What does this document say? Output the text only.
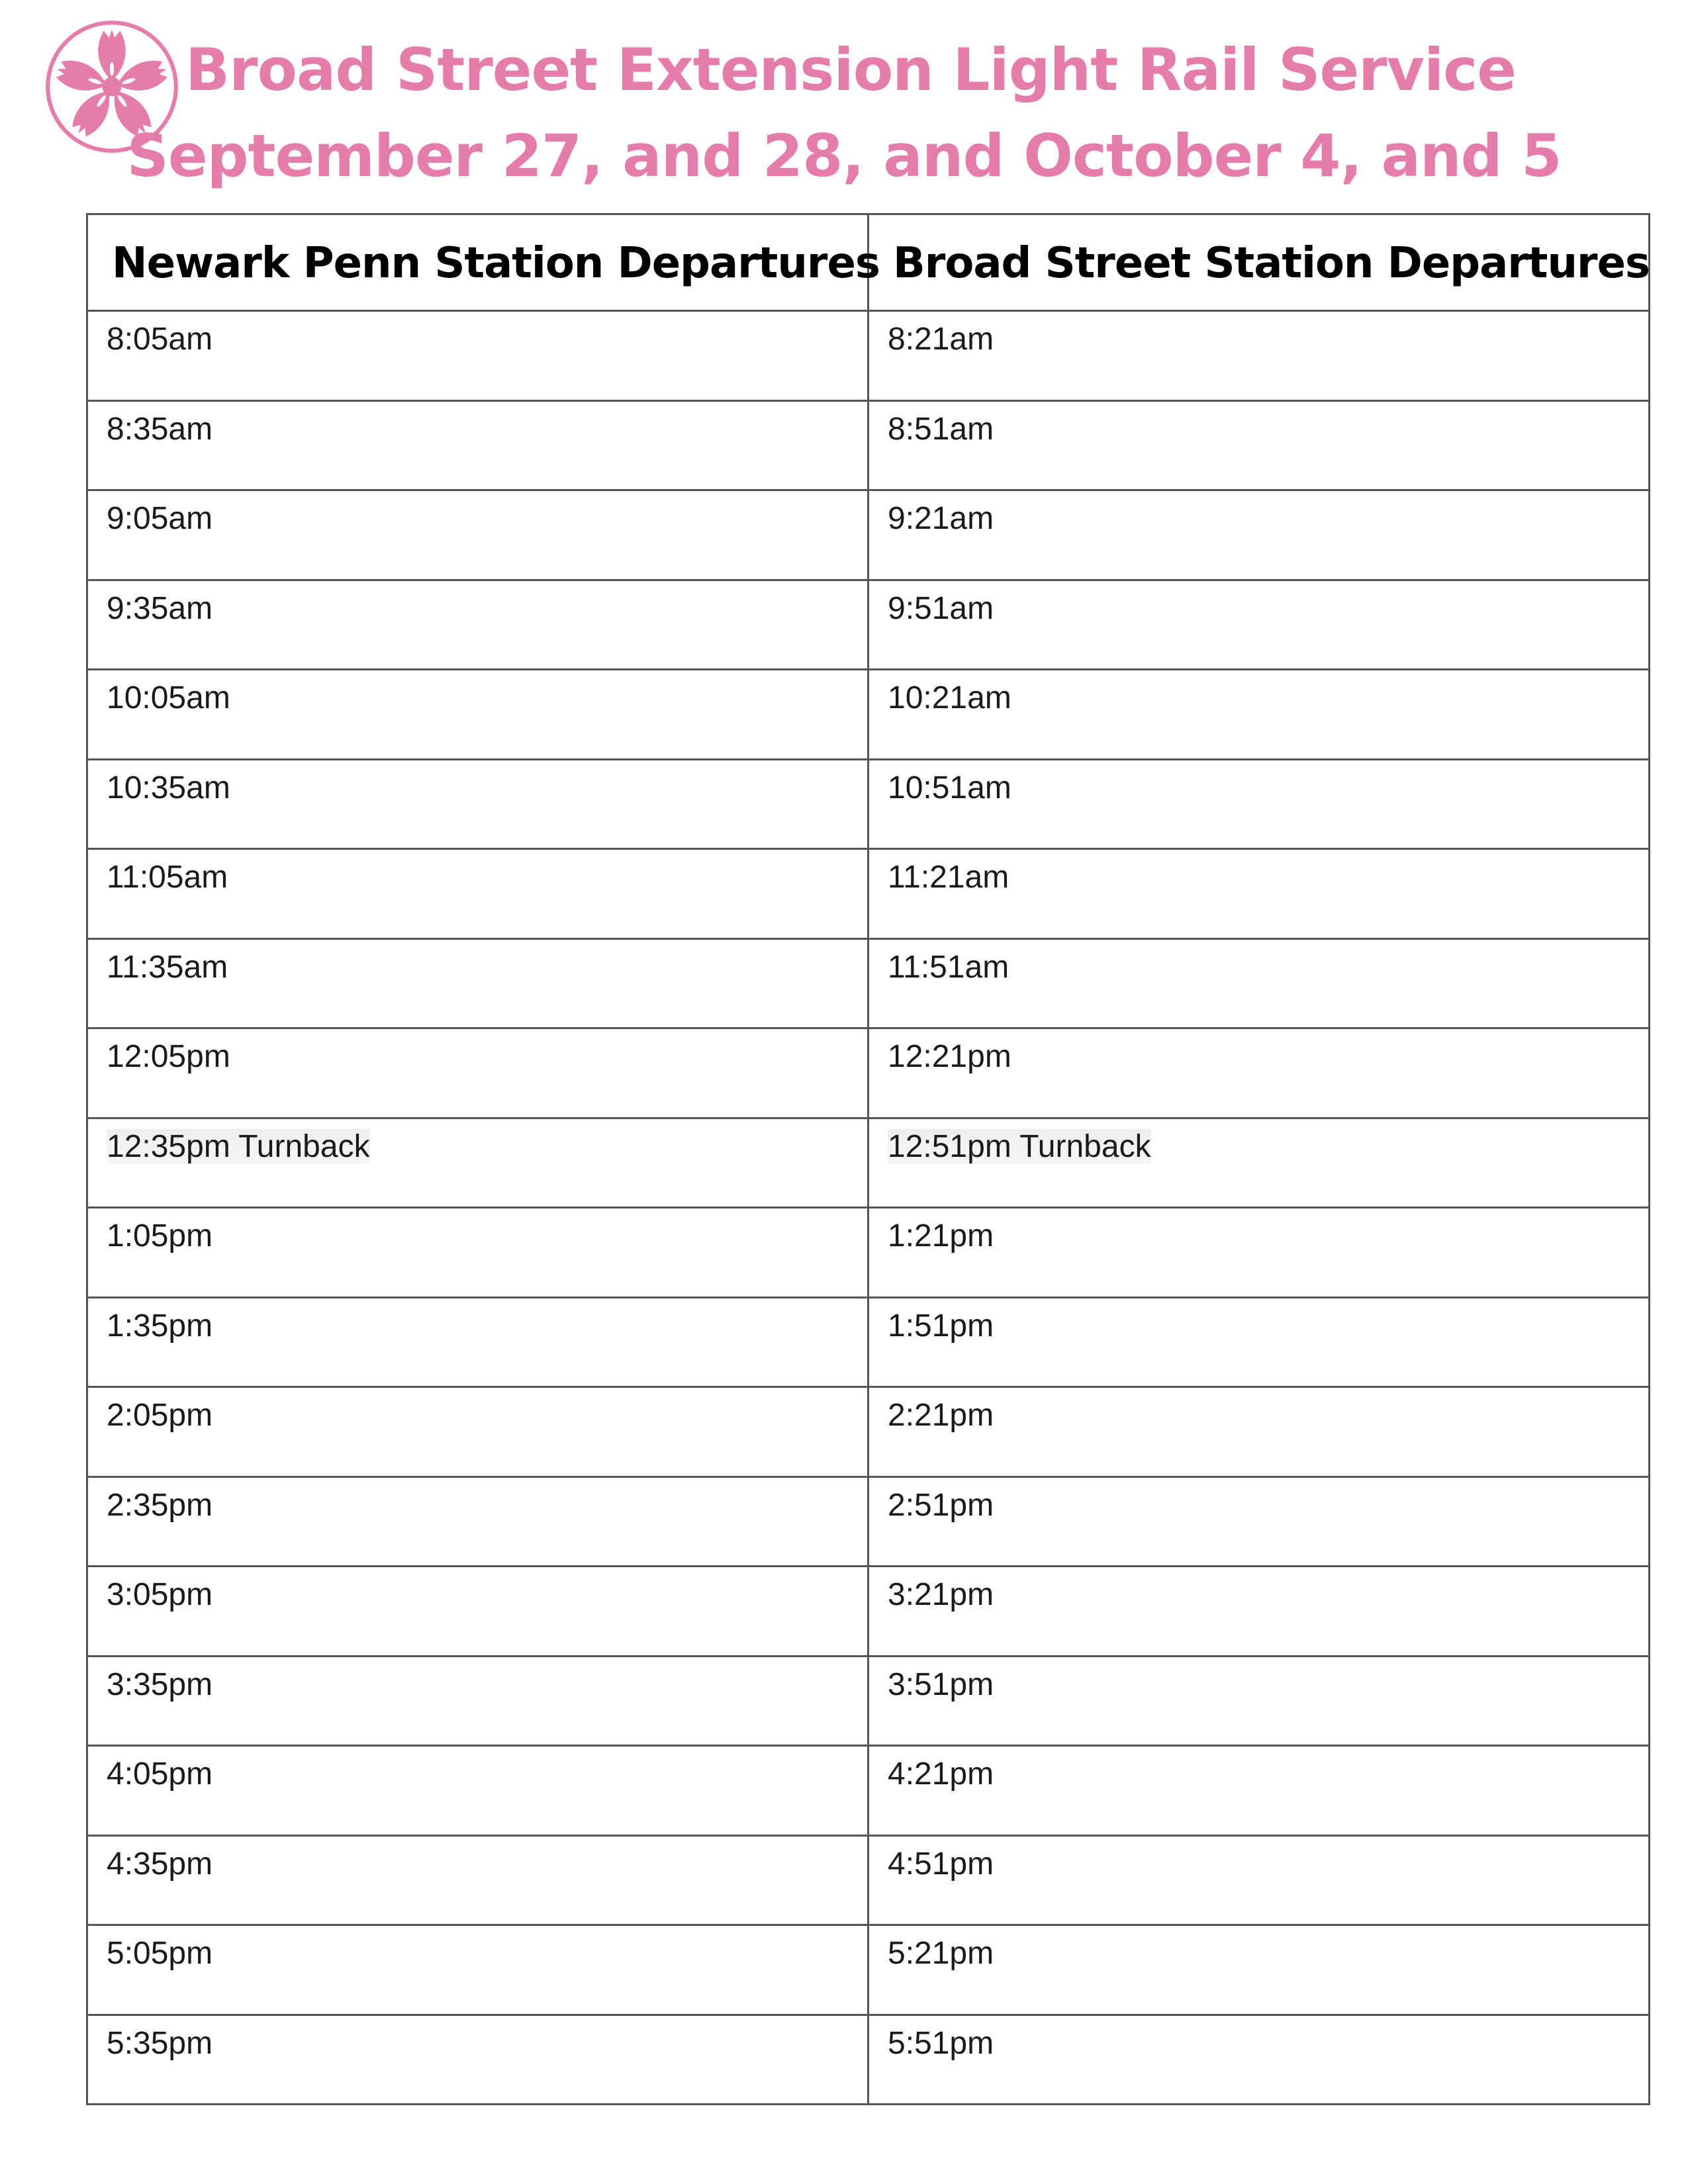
Broad Street Extension Light Rail Service
September 27, and 28, and October 4, and 5
Newark Penn Station Departures	Broad Street Station Departures
8:05am	8:21am
8:35am	8:51am
9:05am	9:21am
9:35am	9:51am
10:05am	10:21am
10:35am	10:51am
11:05am	11:21am
11:35am	11:51am
12:05pm	12:21pm
12:35pm Turnback	12:51pm Turnback
1:05pm	1:21pm
1:35pm	1:51pm
2:05pm	2:21pm
2:35pm	2:51pm
3:05pm	3:21pm
3:35pm	3:51pm
4:05pm	4:21pm
4:35pm	4:51pm
5:05pm	5:21pm
5:35pm	5:51pm
